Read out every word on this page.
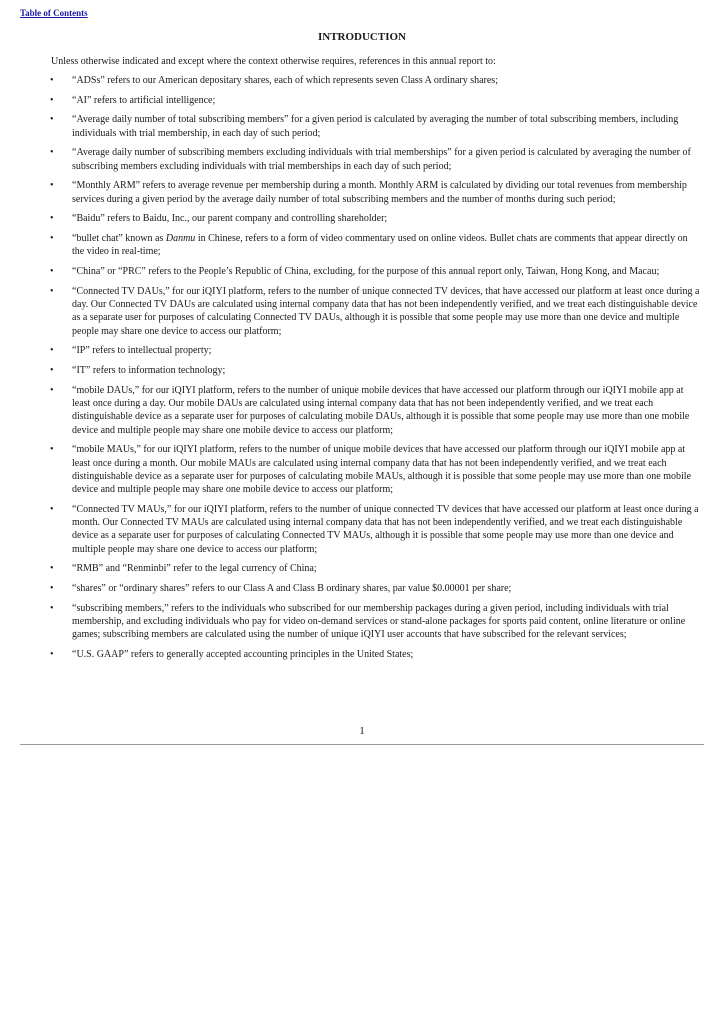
Table of Contents
INTRODUCTION
Unless otherwise indicated and except where the context otherwise requires, references in this annual report to:
• “ADSs” refers to our American depositary shares, each of which represents seven Class A ordinary shares;
• “AI” refers to artificial intelligence;
• “Average daily number of total subscribing members” for a given period is calculated by averaging the number of total subscribing members, including individuals with trial membership, in each day of such period;
• “Average daily number of subscribing members excluding individuals with trial memberships” for a given period is calculated by averaging the number of subscribing members excluding individuals with trial memberships in each day of such period;
• “Monthly ARM” refers to average revenue per membership during a month. Monthly ARM is calculated by dividing our total revenues from membership services during a given period by the average daily number of total subscribing members and the number of months during such period;
• “Baidu” refers to Baidu, Inc., our parent company and controlling shareholder;
• “bullet chat” known as Danmu in Chinese, refers to a form of video commentary used on online videos. Bullet chats are comments that appear directly on the video in real-time;
• “China” or “PRC” refers to the People’s Republic of China, excluding, for the purpose of this annual report only, Taiwan, Hong Kong, and Macau;
• “Connected TV DAUs,” for our iQIYI platform, refers to the number of unique connected TV devices, that have accessed our platform at least once during a day. Our Connected TV DAUs are calculated using internal company data that has not been independently verified, and we treat each distinguishable device as a separate user for purposes of calculating Connected TV DAUs, although it is possible that some people may use more than one device and multiple people may share one device to access our platform;
• “IP” refers to intellectual property;
• “IT” refers to information technology;
• “mobile DAUs,” for our iQIYI platform, refers to the number of unique mobile devices that have accessed our platform through our iQIYI mobile app at least once during a day. Our mobile DAUs are calculated using internal company data that has not been independently verified, and we treat each distinguishable device as a separate user for purposes of calculating mobile DAUs, although it is possible that some people may use more than one mobile device and multiple people may share one mobile device to access our platform;
• “mobile MAUs,” for our iQIYI platform, refers to the number of unique mobile devices that have accessed our platform through our iQIYI mobile app at least once during a month. Our mobile MAUs are calculated using internal company data that has not been independently verified, and we treat each distinguishable device as a separate user for purposes of calculating mobile MAUs, although it is possible that some people may use more than one mobile device and multiple people may share one mobile device to access our platform;
• “Connected TV MAUs,” for our iQIYI platform, refers to the number of unique connected TV devices that have accessed our platform at least once during a month. Our Connected TV MAUs are calculated using internal company data that has not been independently verified, and we treat each distinguishable device as a separate user for purposes of calculating Connected TV MAUs, although it is possible that some people may use more than one device and multiple people may share one device to access our platform;
• “RMB” and “Renminbi” refer to the legal currency of China;
• “shares” or “ordinary shares” refers to our Class A and Class B ordinary shares, par value $0.00001 per share;
• “subscribing members,” refers to the individuals who subscribed for our membership packages during a given period, including individuals with trial membership, and excluding individuals who pay for video on-demand services or stand-alone packages for sports paid content, online literature or online games; subscribing members are calculated using the number of unique iQIYI user accounts that have subscribed for the relevant services;
• “U.S. GAAP” refers to generally accepted accounting principles in the United States;
1
